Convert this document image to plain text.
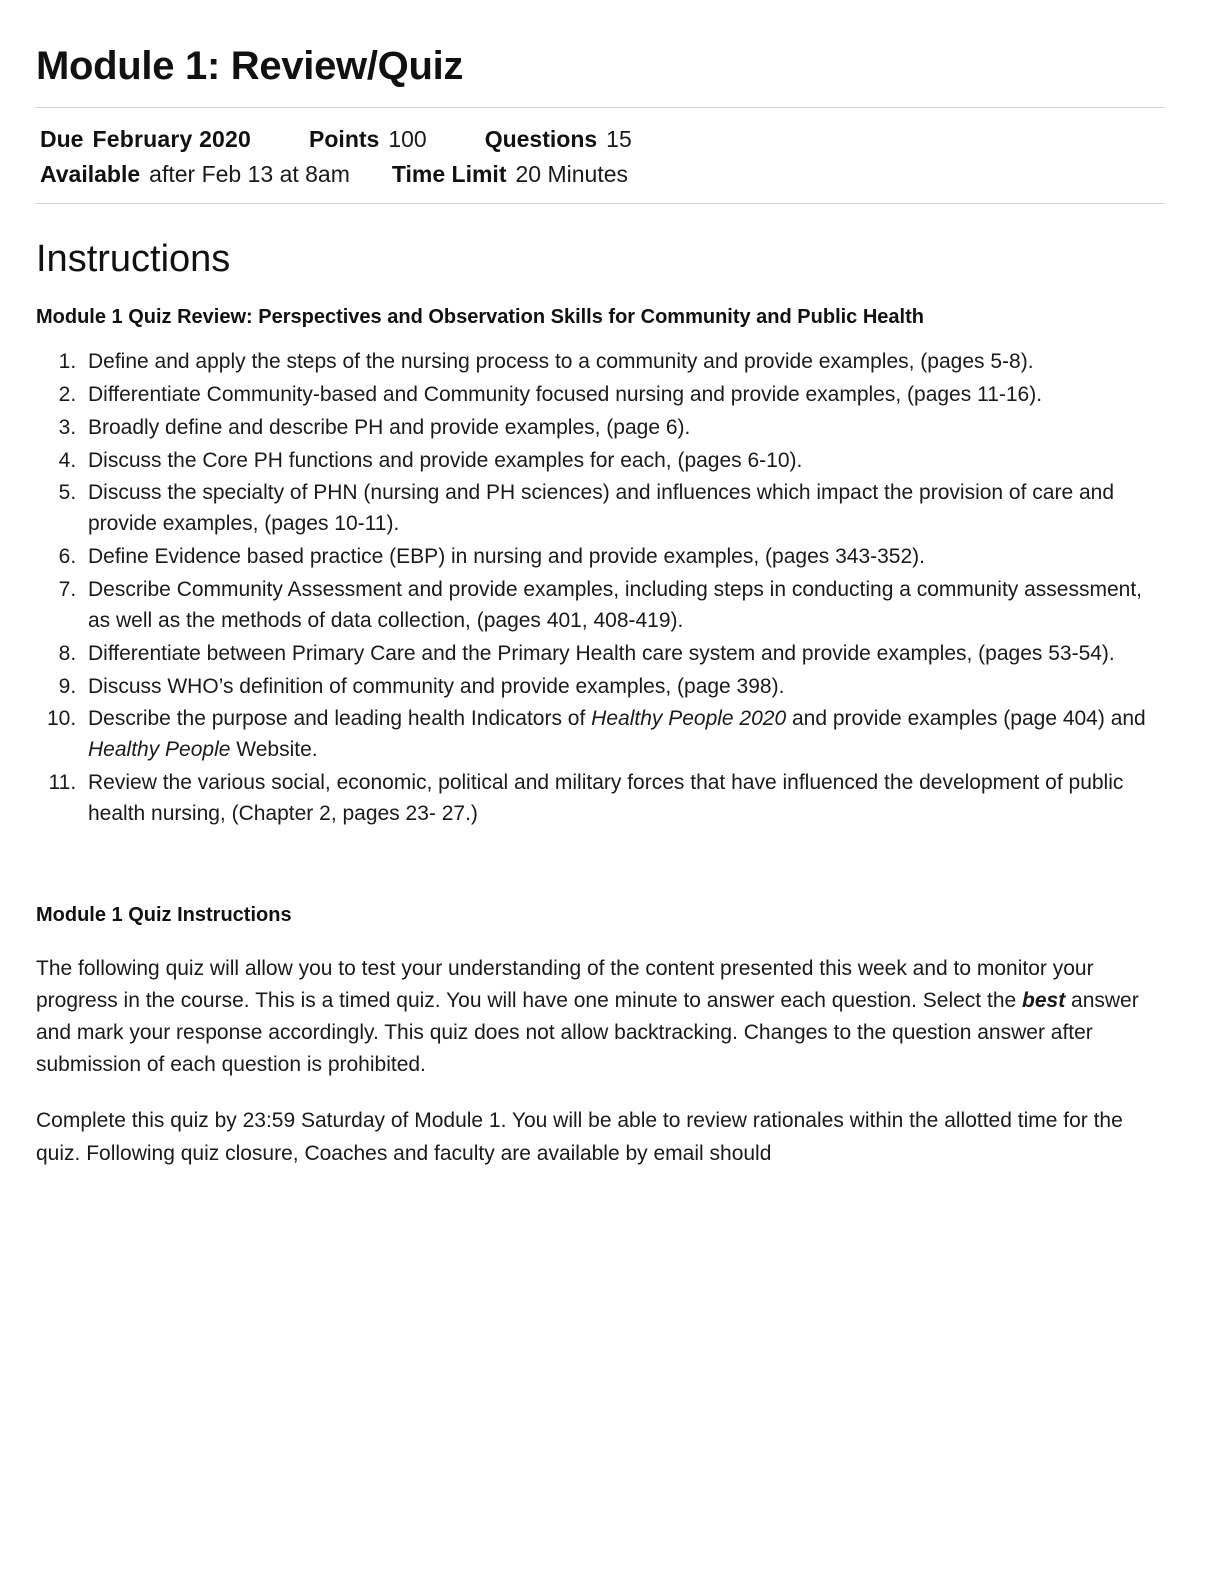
Module 1: Review/Quiz
Due February 2020	Points 100	Questions 15
Available after Feb 13 at 8am Time Limit 20 Minutes
Instructions
Module 1 Quiz Review: Perspectives and Observation Skills for Community and Public Health
1. Define and apply the steps of the nursing process to a community and provide examples, (pages 5-8).
2. Differentiate Community-based and Community focused nursing and provide examples, (pages 11-16).
3. Broadly define and describe PH and provide examples, (page 6).
4. Discuss the Core PH functions and provide examples for each, (pages 6-10).
5. Discuss the specialty of PHN (nursing and PH sciences) and influences which impact the provision of care and provide examples, (pages 10-11).
6. Define Evidence based practice (EBP) in nursing and provide examples, (pages 343-352).
7. Describe Community Assessment and provide examples, including steps in conducting a community assessment, as well as the methods of data collection, (pages 401, 408-419).
8. Differentiate between Primary Care and the Primary Health care system and provide examples, (pages 53-54).
9. Discuss WHO’s definition of community and provide examples, (page 398).
10. Describe the purpose and leading health Indicators of Healthy People 2020 and provide examples (page 404) and Healthy People Website.
11. Review the various social, economic, political and military forces that have influenced the development of public health nursing, (Chapter 2, pages 23- 27.)
Module 1 Quiz Instructions

The following quiz will allow you to test your understanding of the content presented this week and to monitor your progress in the course. This is a timed quiz. You will have one minute to answer each question. Select the best answer and mark your response accordingly. This quiz does not allow backtracking. Changes to the question answer after submission of each question is prohibited.

Complete this quiz by 23:59 Saturday of Module 1. You will be able to review rationales within the allotted time for the quiz. Following quiz closure, Coaches and faculty are available by email should
